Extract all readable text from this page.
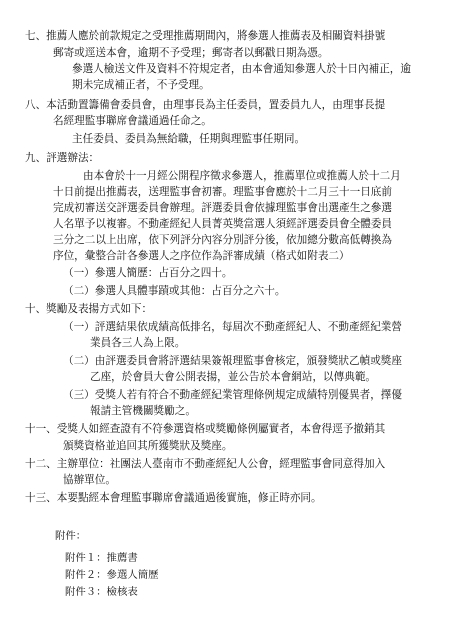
七、推薦人應於前款規定之受理推薦期間內，將參選人推薦表及相關資料掛號
郵寄或逕送本會，逾期不予受理；郵寄者以郵戳日期為憑。
參選人檢送文件及資料不符規定者，由本會通知參選人於十日內補正，逾
期未完成補正者，不予受理。
八、本活動置籌備會委員會，由理事長為主任委員，置委員九人，由理事長提
名經理監事聯席會議通過任命之。
主任委員、委員為無給職，任期與理監事任期同。
九、評選辦法：
由本會於十一月經公開程序徵求參選人，推薦單位或推薦人於十二月
十日前提出推薦表，送理監事會初審。理監事會應於十二月三十一日底前
完成初審送交評選委員會辦理。評選委員會依據理監事會出選產生之參選
人名單予以複審。不動產經紀人員菁英獎當選人須經評選委員會全體委員
三分之二以上出席，依下列評分內容分別評分後，依加總分數高低轉換為
序位，彙整合計各參選人之序位作為評審成績（格式如附表二）
（一）參選人簡歷：占百分之四十。
（二）參選人具體事蹟或其他：占百分之六十。
十、獎勵及表揚方式如下：
（一）評選結果依成績高低排名，每屆次不動產經紀人、不動產經紀業營
業員各三人為上限。
（二）由評選委員會將評選結果簽報理監事會核定，頒發獎狀乙幀或獎座
乙座，於會員大會公開表揚，並公告於本會網站，以傳典範。
（三）受獎人若有符合不動產經紀業管理條例規定成績特別優異者，擇優
報請主管機關獎勵之。
十一、受獎人如經查證有不符參選資格或獎勵條例屬實者，本會得逕予撤銷其
頒獎資格並追回其所獲獎狀及獎座。
十二、主辦單位：社團法人臺南市不動產經紀人公會，經理監事會同意得加入
協辦單位。
十三、本要點經本會理監事聯席會議通過後實施，修正時亦同。
附件：
附件１：推薦書
附件２：參選人簡歷
附件３：檢核表
